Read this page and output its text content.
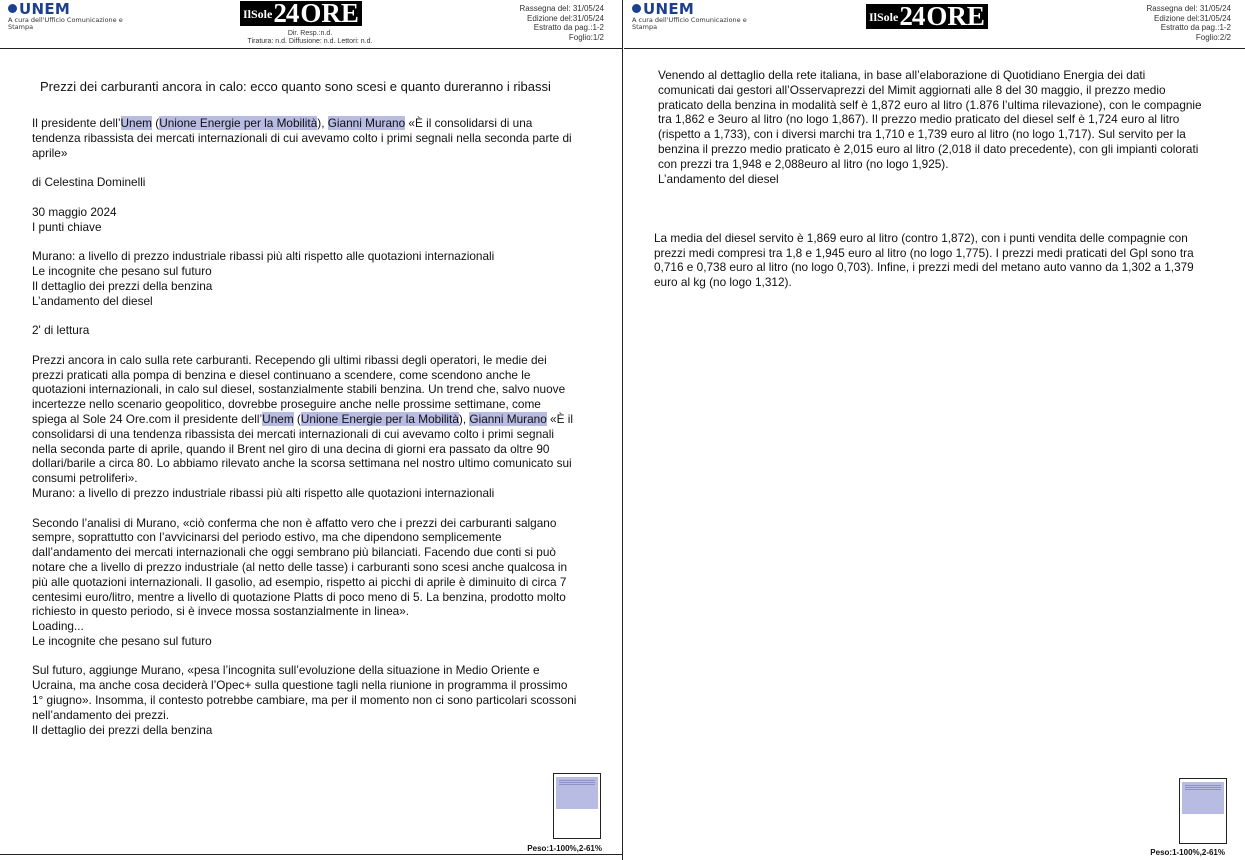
UNEM
A cura dell'Ufficio Comunicazione e Stampa
IlSole 24 ORE
Dir. Resp.:n.d.
Tiratura: n.d. Diffusione: n.d. Lettori: n.d.
Rassegna del: 31/05/24
Edizione del:31/05/24
Estratto da pag.:1-2
Foglio:1/2
Prezzi dei carburanti ancora in calo: ecco quanto sono scesi e quanto dureranno i ribassi

Il presidente dell’Unem (Unione Energie per la Mobilità), Gianni Murano «È il consolidarsi di una tendenza ribassista dei mercati internazionali di cui avevamo colto i primi segnali nella seconda parte di aprile»

di Celestina Dominelli

30 maggio 2024

I punti chiave

Murano: a livello di prezzo industriale ribassi più alti rispetto alle quotazioni internazionali

Le incognite che pesano sul futuro

Il dettaglio dei prezzi della benzina

L’andamento del diesel

2' di lettura

Prezzi ancora in calo sulla rete carburanti. Recependo gli ultimi ribassi degli operatori, le medie dei prezzi praticati alla pompa di benzina e diesel continuano a scendere, come scendono anche le quotazioni internazionali, in calo sul diesel, sostanzialmente stabili benzina. Un trend che, salvo nuove incertezze nello scenario geopolitico, dovrebbe proseguire anche nelle prossime settimane, come spiega al Sole 24 Ore.com il presidente dell’Unem (Unione Energie per la Mobilità), Gianni Murano «È il consolidarsi di una tendenza ribassista dei mercati internazionali di cui avevamo colto i primi segnali nella seconda parte di aprile, quando il Brent nel giro di una decina di giorni era passato da oltre 90 dollari/barile a circa 80. Lo abbiamo rilevato anche la scorsa settimana nel nostro ultimo comunicato sui consumi petroliferi».

Murano: a livello di prezzo industriale ribassi più alti rispetto alle quotazioni internazionali

Secondo l’analisi di Murano, «ciò conferma che non è affatto vero che i prezzi dei carburanti salgano sempre, soprattutto con l’avvicinarsi del periodo estivo, ma che dipendono semplicemente dall’andamento dei mercati internazionali che oggi sembrano più bilanciati. Facendo due conti si può notare che a livello di prezzo industriale (al netto delle tasse) i carburanti sono scesi anche qualcosa in più alle quotazioni internazionali. Il gasolio, ad esempio, rispetto ai picchi di aprile è diminuito di circa 7 centesimi euro/litro, mentre a livello di quotazione Platts di poco meno di 5. La benzina, prodotto molto richiesto in questo periodo, si è invece mossa sostanzialmente in linea».

Loading...

Le incognite che pesano sul futuro

Sul futuro, aggiunge Murano, «pesa l’incognita sull’evoluzione della situazione in Medio Oriente e Ucraina, ma anche cosa deciderà l’Opec+ sulla questione tagli nella riunione in programma il prossimo 1° giugno». Insomma, il contesto potrebbe cambiare, ma per il momento non ci sono particolari scossoni nell’andamento dei prezzi.

Il dettaglio dei prezzi della benzina

Peso:1-100%,2-61%
UNEM
A cura dell'Ufficio Comunicazione e Stampa
IlSole 24 ORE	Rassegna del: 31/05/24
Edizione del:31/05/24
Estratto da pag.:1-2
Foglio:2/2

Venendo al dettaglio della rete italiana, in base all’elaborazione di Quotidiano Energia dei dati comunicati dai gestori all’Osservaprezzi del Mimit aggiornati alle 8 del 30 maggio, il prezzo medio praticato della benzina in modalità self è 1,872 euro al litro (1.876 l’ultima rilevazione), con le compagnie tra 1,862 e 3euro al litro (no logo 1,867). Il prezzo medio praticato del diesel self è 1,724 euro al litro (rispetto a 1,733), con i diversi marchi tra 1,710 e 1,739 euro al litro (no logo 1,717). Sul servito per la benzina il prezzo medio praticato è 2,015 euro al litro (2,018 il dato precedente), con gli impianti colorati con prezzi tra 1,948 e 2,088euro al litro (no logo 1,925).

L’andamento del diesel

La media del diesel servito è 1,869 euro al litro (contro 1,872), con i punti vendita delle compagnie con prezzi medi compresi tra 1,8 e 1,945 euro al litro (no logo 1,775). I prezzi medi praticati del Gpl sono tra 0,716 e 0,738 euro al litro (no logo 0,703). Infine, i prezzi medi del metano auto vanno da 1,302 a 1,379 euro al kg (no logo 1,312).

Peso:1-100%,2-61%
